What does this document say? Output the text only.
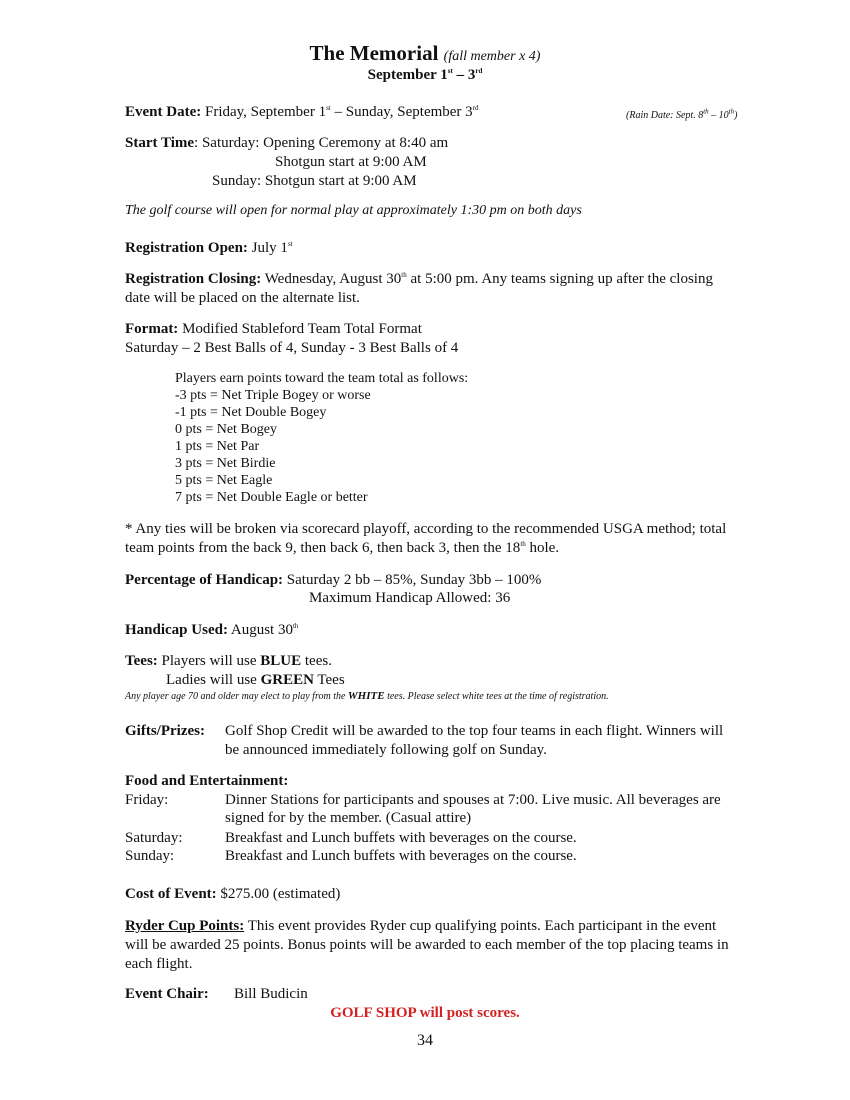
The Memorial (fall member x 4)
September 1st – 3rd
Event Date: Friday, September 1st – Sunday, September 3rd
(Rain Date: Sept. 8th – 10th)
Start Time: Saturday: Opening Ceremony at 8:40 am
Shotgun start at 9:00 AM
Sunday: Shotgun start at 9:00 AM
The golf course will open for normal play at approximately 1:30 pm on both days
Registration Open: July 1st
Registration Closing: Wednesday, August 30th at 5:00 pm. Any teams signing up after the closing
date will be placed on the alternate list.
Format: Modified Stableford Team Total Format
Saturday – 2 Best Balls of 4, Sunday - 3 Best Balls of 4
Players earn points toward the team total as follows:
-3 pts = Net Triple Bogey or worse
-1 pts = Net Double Bogey
0 pts = Net Bogey
1 pts = Net Par
3 pts = Net Birdie
5 pts = Net Eagle
7 pts = Net Double Eagle or better
* Any ties will be broken via scorecard playoff, according to the recommended USGA method; total
team points from the back 9, then back 6, then back 3, then the 18th hole.
Percentage of Handicap: Saturday 2 bb – 85%, Sunday 3bb – 100%
Maximum Handicap Allowed: 36
Handicap Used: August 30th
Tees: Players will use BLUE tees.
Ladies will use GREEN Tees
Any player age 70 and older may elect to play from the WHITE tees. Please select white tees at the time of registration.
Gifts/Prizes: Golf Shop Credit will be awarded to the top four teams in each flight. Winners will
be announced immediately following golf on Sunday.
Food and Entertainment:
Friday:	Dinner Stations for participants and spouses at 7:00. Live music. All beverages are
signed for by the member. (Casual attire)
Saturday:	Breakfast and Lunch buffets with beverages on the course.
Sunday:	Breakfast and Lunch buffets with beverages on the course.
Cost of Event: $275.00 (estimated)
Ryder Cup Points: This event provides Ryder cup qualifying points. Each participant in the event
will be awarded 25 points. Bonus points will be awarded to each member of the top placing teams in
each flight.
Event Chair: Bill Budicin
GOLF SHOP will post scores.
34
